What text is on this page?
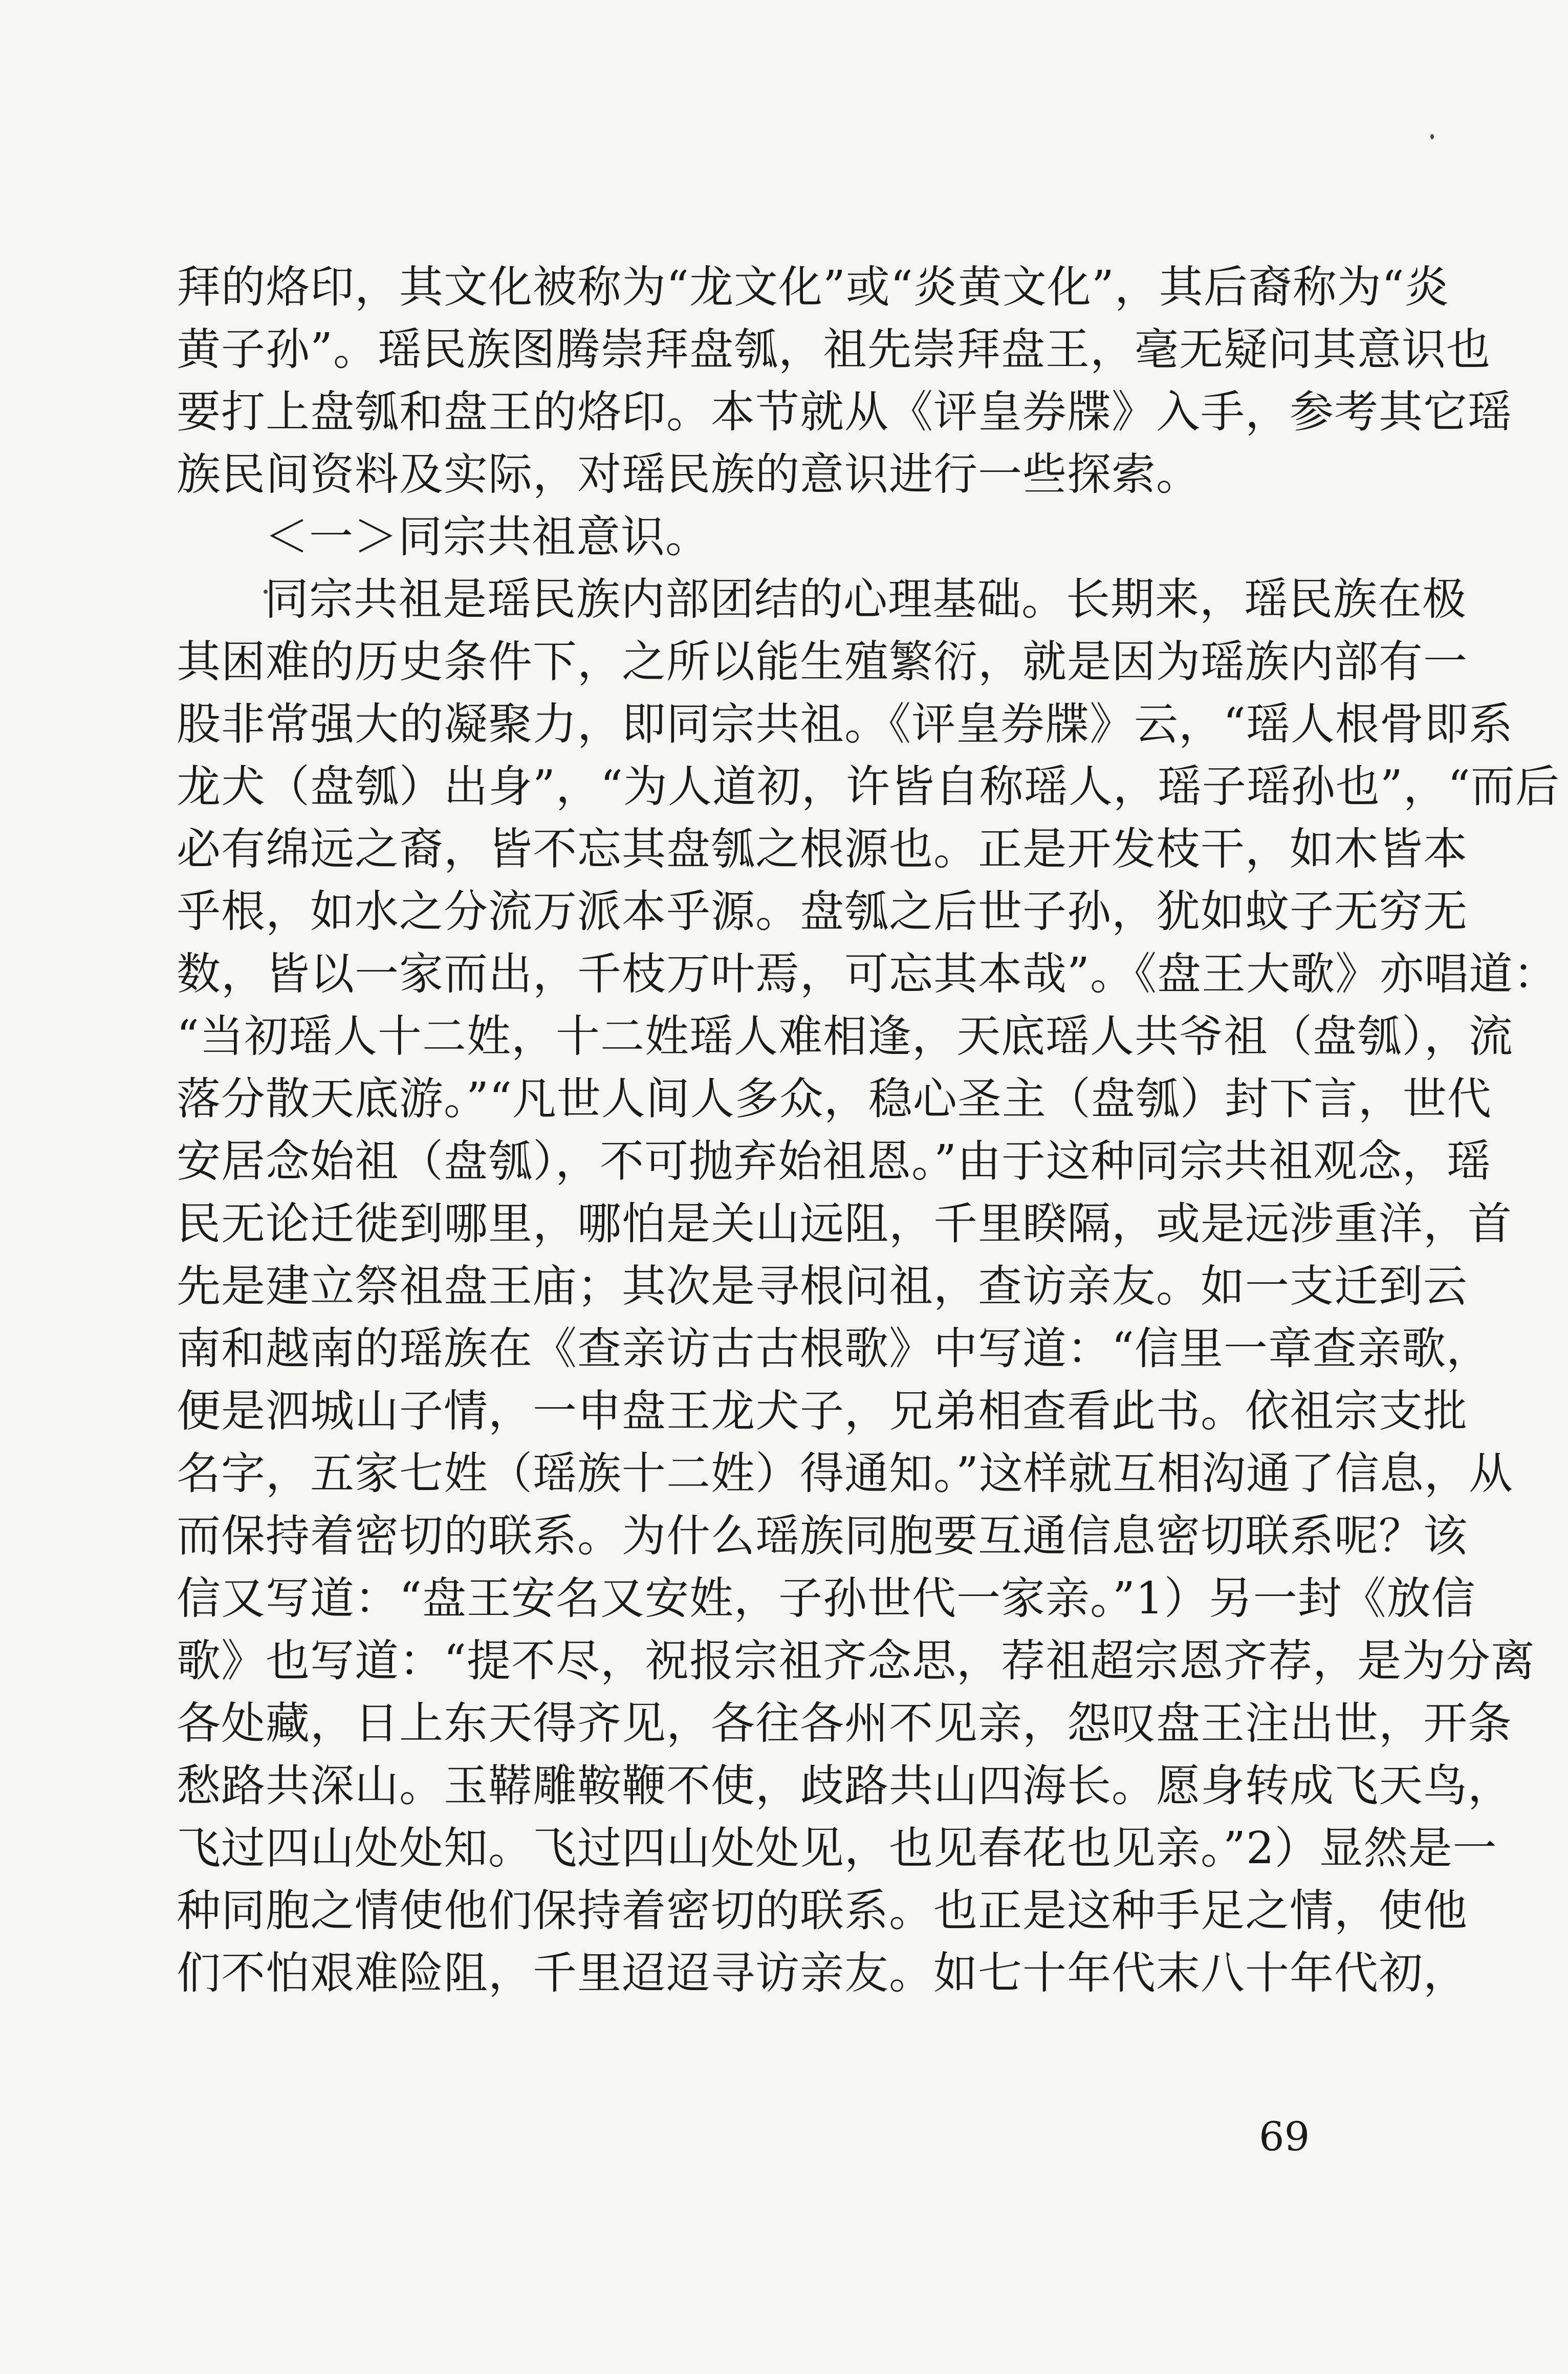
拜的烙印，其文化被称为“龙文化”或“炎黄文化”，其后裔称为“炎
黄子孙”。瑶民族图腾崇拜盘瓠，祖先崇拜盘王，毫无疑问其意识也
要打上盘瓠和盘王的烙印。本节就从《评皇券牒》入手，参考其它瑶
族民间资料及实际，对瑶民族的意识进行一些探索。
＜一＞同宗共祖意识。
同宗共祖是瑶民族内部团结的心理基础。长期来，瑶民族在极
其困难的历史条件下，之所以能生殖繁衍，就是因为瑶族内部有一
股非常强大的凝聚力，即同宗共祖。《评皇券牒》云，“瑶人根骨即系
龙犬（盘瓠）出身”，“为人道初，许皆自称瑶人，瑶子瑶孙也”，“而后
必有绵远之裔，皆不忘其盘瓠之根源也。正是开发枝干，如木皆本
乎根，如水之分流万派本乎源。盘瓠之后世子孙，犹如蚊子无穷无
数，皆以一家而出，千枝万叶焉，可忘其本哉”。《盘王大歌》亦唱道：
“当初瑶人十二姓，十二姓瑶人难相逢，天底瑶人共爷祖（盘瓠），流
落分散天底游。”“凡世人间人多众，稳心圣主（盘瓠）封下言，世代
安居念始祖（盘瓠），不可抛弃始祖恩。”由于这种同宗共祖观念，瑶
民无论迁徙到哪里，哪怕是关山远阻，千里睽隔，或是远涉重洋，首
先是建立祭祖盘王庙；其次是寻根问祖，查访亲友。如一支迁到云
南和越南的瑶族在《查亲访古古根歌》中写道：“信里一章查亲歌，
便是泗城山子情，一申盘王龙犬子，兄弟相查看此书。依祖宗支批
名字，五家七姓（瑶族十二姓）得通知。”这样就互相沟通了信息，从
而保持着密切的联系。为什么瑶族同胞要互通信息密切联系呢？该
信又写道：“盘王安名又安姓，子孙世代一家亲。”1）另一封《放信
歌》也写道：“提不尽，祝报宗祖齐念思，荐祖超宗恩齐荐，是为分离
各处藏，日上东天得齐见，各往各州不见亲，怨叹盘王注出世，开条
愁路共深山。玉鞯雕鞍鞭不使，歧路共山四海长。愿身转成飞天鸟，
飞过四山处处知。飞过四山处处见，也见春花也见亲。”2）显然是一
种同胞之情使他们保持着密切的联系。也正是这种手足之情，使他
们不怕艰难险阻，千里迢迢寻访亲友。如七十年代末八十年代初，
69
